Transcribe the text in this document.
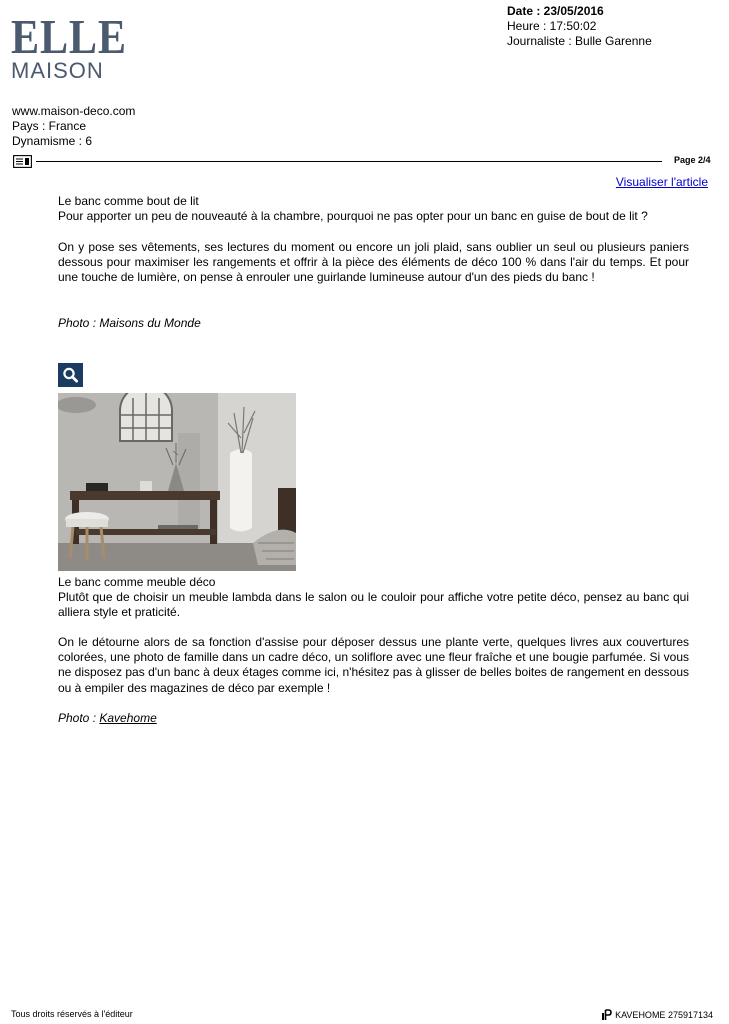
ELLE
MAISON
Date : 23/05/2016
Heure : 17:50:02
Journaliste : Bulle Garenne
www.maison-deco.com
Pays : France
Dynamisme : 6
Page 2/4
Visualiser l'article

Le banc comme bout de lit

Pour apporter un peu de nouveauté à la chambre, pourquoi ne pas opter pour un banc en guise de bout de lit ?

On y pose ses vêtements, ses lectures du moment ou encore un joli plaid, sans oublier un seul ou plusieurs paniers dessous pour maximiser les rangements et offrir à la pièce des éléments de déco 100 % dans l'air du temps. Et pour une touche de lumière, on pense à enrouler une guirlande lumineuse autour d'un des pieds du banc !

Photo : Maisons du Monde

Le banc comme meuble déco

Plutôt que de choisir un meuble lambda dans le salon ou le couloir pour affiche votre petite déco, pensez au banc qui alliera style et praticité.

On le détourne alors de sa fonction d'assise pour déposer dessus une plante verte, quelques livres aux couvertures colorées, une photo de famille dans un cadre déco, un soliflore avec une fleur fraîche et une bougie parfumée. Si vous ne disposez pas d'un banc à deux étages comme ici, n'hésitez pas à glisser de belles boites de rangement en dessous ou à empiler des magazines de déco par exemple !

Photo : Kavehome
Tous droits réservés à l'éditeur	KAVEHOME 275917134
